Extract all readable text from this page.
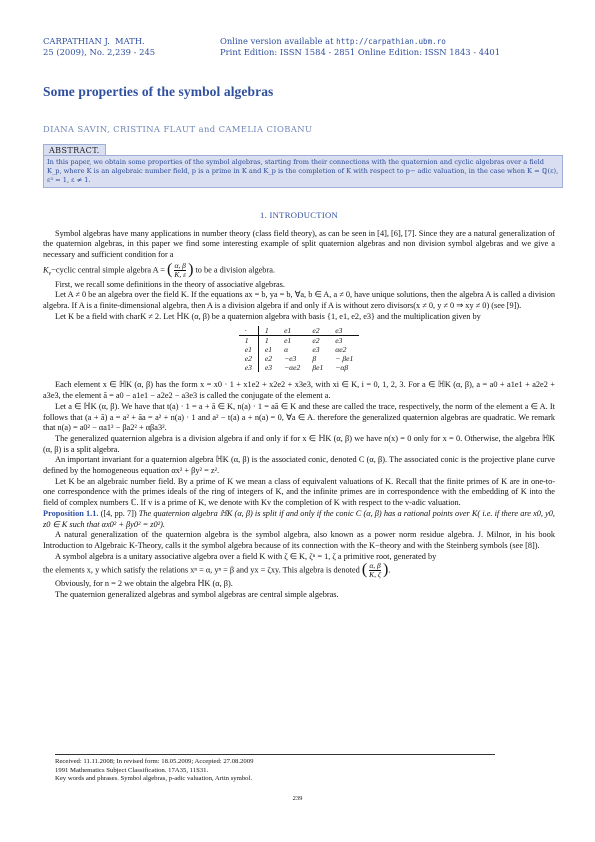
CARPATHIAN J. MATH.
25 (2009), No. 2,239 - 245
Online version available at http://carpathian.ubm.ro
Print Edition: ISSN 1584 - 2851 Online Edition: ISSN 1843 - 4401
Some properties of the symbol algebras
DIANA SAVIN, CRISTINA FLAUT and CAMELIA CIOBANU
ABSTRACT.
In this paper, we obtain some properties of the symbol algebras, starting from their connections with the quaternion and cyclic algebras over a field K_p, where K is an algebraic number field, p is a prime in K and K_p is the completion of K with respect to p− adic valuation, in the case when K = ℚ(ε), ε³ = 1, ε ≠ 1.

1. INTRODUCTION

Symbol algebras have many applications in number theory (class field theory), as can be seen in [4], [6], [7]. Since they are a natural generalization of the quaternion algebras, in this paper we find some interesting example of split quaternion algebras and non division symbol algebras and we give a necessary and sufficient condition for a

$K_v-cyclic$ central simple algebra A = ( $\frac{\alpha, \beta}{K, \varepsilon}$ ) to be a division algebra.

First, we recall some definitions in the theory of associative algebras.

Let A ≠ 0 be an algebra over the field K. If the equations ax = b, ya = b, ∀a, b ∈ A, a ≠ 0, have unique solutions, then the algebra A is called a division algebra. If A is a finite-dimensional algebra, then A is a division algebra if and only if A is without zero divisors(x ≠ 0, y ≠ 0 ⇒ xy ≠ 0) (see [9]).

Let K be a field with charK ≠ 2. Let ℍK (α, β) be a quaternion algebra with basis {1, e1, e2, e3} and the multiplication given by

·	1	e1	e2	e3
1	1	e1	e2	e3
e1	e1	α	e3	αe2
e2	e2	−e3	β	− βe1
e3	e3	−αe2	βe1	−αβ

Each element x ∈ ℍK (α, β) has the form x = x0 · 1 + x1e2 + x2e2 + x3e3, with xi ∈ K, i = 0, 1, 2, 3. For a ∈ ℍK (α, β), a = a0 + a1e1 + a2e2 + a3e3, the element ā = a0 − a1e1 − a2e2 − a3e3 is called the conjugate of the element a.

Let a ∈ ℍK (α, β). We have that t(a) · 1 = a + ā ∈ K, n(a) · 1 = aā ∈ K and these are called the trace, respectively, the norm of the element a ∈ A. It follows that (a + ā) a = a² + āa = a² + n(a) · 1 and a² − t(a) a + n(a) = 0, ∀a ∈ A. therefore the generalized quaternion algebras are quadratic. We remark that n(a) = a0² − αa1² − βa2² + αβa3².

The generalized quaternion algebra is a division algebra if and only if for x ∈ ℍK (α, β) we have n(x) = 0 only for x = 0. Otherwise, the algebra ℍK (α, β) is a split algebra.

An important invariant for a quaternion algebra ℍK (α, β) is the associated conic, denoted C (α, β). The associated conic is the projective plane curve defined by the homogeneous equation αx² + βy² = z².

Let K be an algebraic number field. By a prime of K we mean a class of equivalent valuations of K. Recall that the finite primes of K are in one-to-one correspondence with the primes ideals of the ring of integers of K, and the infinite primes are in correspondence with the embedding of K into the field of complex numbers ℂ. If v is a prime of K, we denote with Kv the completion of K with respect to the v-adic valuation.

Proposition 1.1. ([4, pp. 7]) The quaternion algebra ℍK (α, β) is split if and only if the conic C (α, β) has a rational points over K( i.e. if there are x0, y0, z0 ∈ K such that αx0² + βy0² = z0²).

A natural generalization of the quaternion algebra is the symbol algebra, also known as a power norm residue algebra. J. Milnor, in his book Introduction to Algebraic K-Theory, calls it the symbol algebra because of its connection with the K−theory and with the Steinberg symbols (see [8]).

A symbol algebra is a unitary associative algebra over a field K with ζ ∈ K, ζⁿ = 1, ζ a primitive root, generated by

the elements x, y which satisfy the relations xⁿ = α, yⁿ = β and yx = ζxy. This algebra is denoted ( $\frac{\alpha, \beta}{K, \zeta}$ ).

Obviously, for n = 2 we obtain the algebra ℍK (α, β).

The quaternion generalized algebras and symbol algebras are central simple algebras.

Received: 11.11.2008; In revised form: 18.05.2009; Accepted: 27.08.2009
1991 Mathematics Subject Classification. 17A35, 11S31.
Key words and phrases. Symbol algebras, p-adic valuation, Artin symbol.
239
